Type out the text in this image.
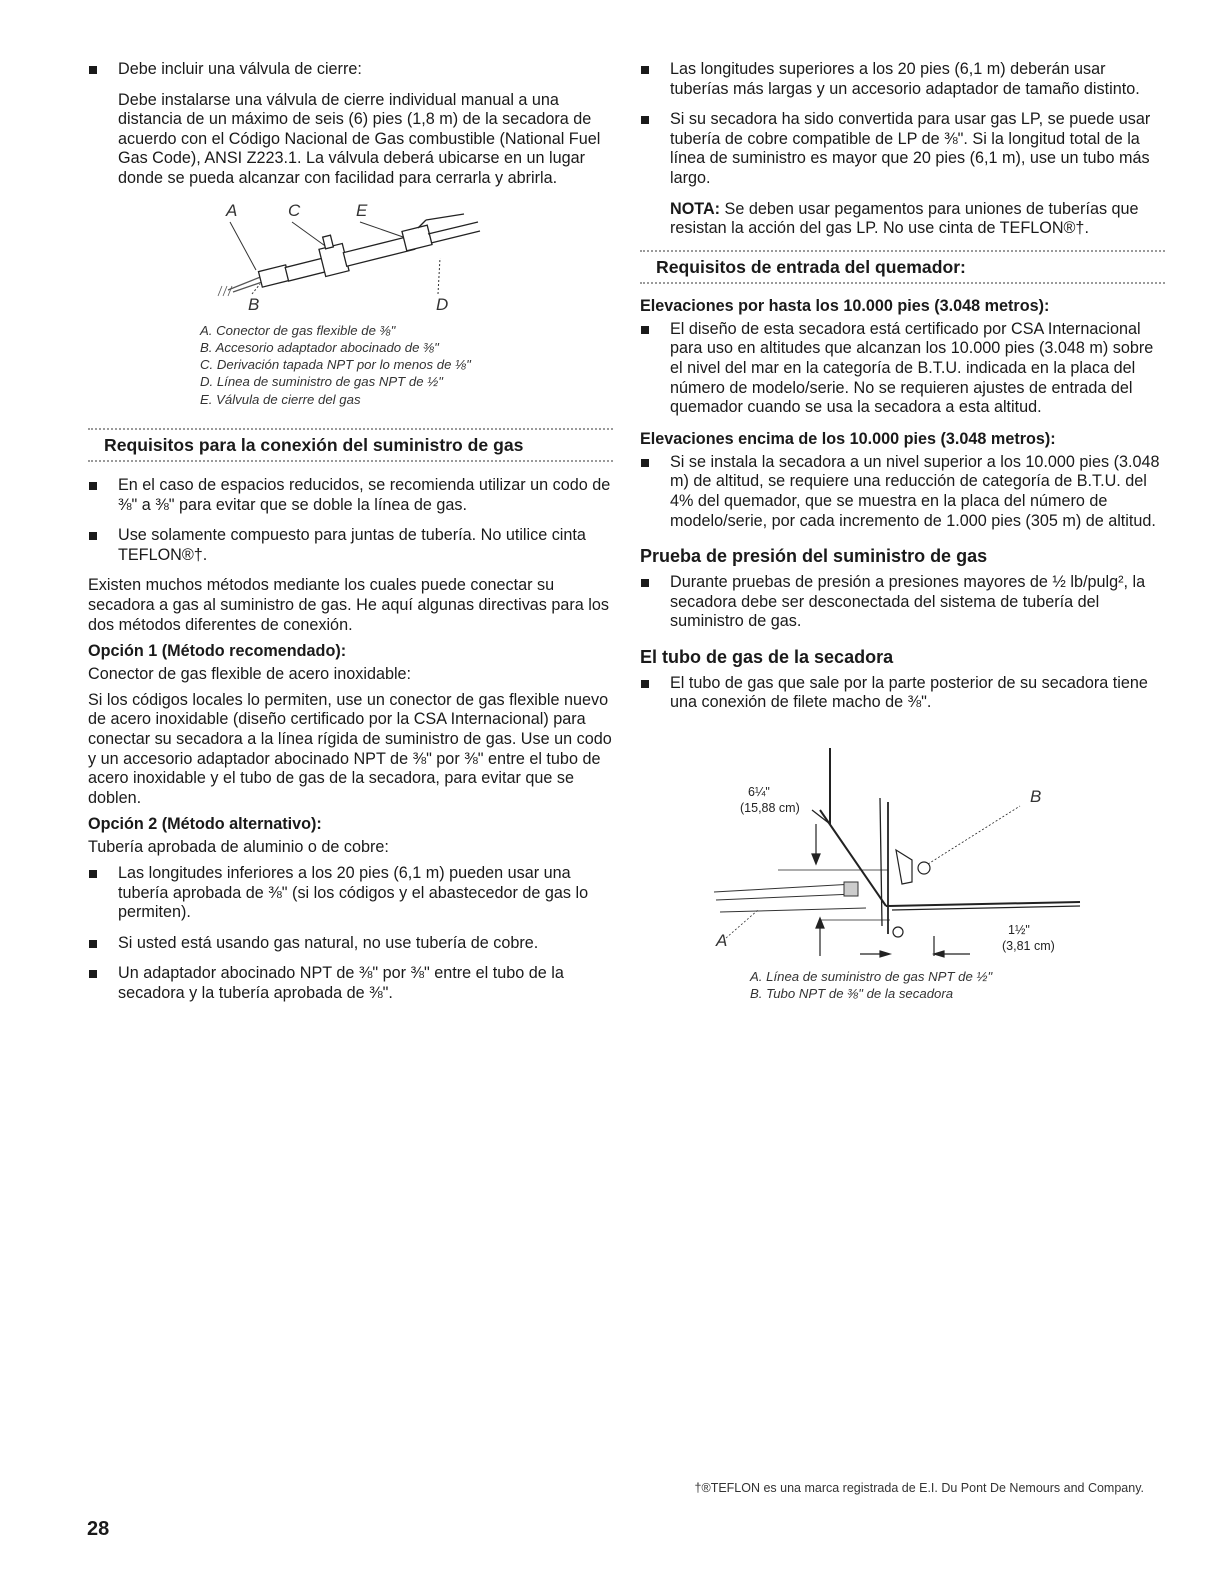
Debe incluir una válvula de cierre:

Debe instalarse una válvula de cierre individual manual a una distancia de un máximo de seis (6) pies (1,8 m) de la secadora de acuerdo con el Código Nacional de Gas combustible (National Fuel Gas Code), ANSI Z223.1. La válvula deberá ubicarse en un lugar donde se pueda alcanzar con facilidad para cerrarla y abrirla.

A	C	E
B	D
A. Conector de gas flexible de ⅜"
B. Accesorio adaptador abocinado de ⅜"
C. Derivación tapada NPT por lo menos de ⅛"
D. Línea de suministro de gas NPT de ½"
E. Válvula de cierre del gas
Requisitos para la conexión del suministro de gas

En el caso de espacios reducidos, se recomienda utilizar un codo de ⅜" a ⅜" para evitar que se doble la línea de gas.

Use solamente compuesto para juntas de tubería. No utilice cinta TEFLON®†.

Existen muchos métodos mediante los cuales puede conectar su secadora a gas al suministro de gas. He aquí algunas directivas para los dos métodos diferentes de conexión.

Opción 1 (Método recomendado):

Conector de gas flexible de acero inoxidable:

Si los códigos locales lo permiten, use un conector de gas flexible nuevo de acero inoxidable (diseño certificado por la CSA Internacional) para conectar su secadora a la línea rígida de suministro de gas. Use un codo y un accesorio adaptador abocinado NPT de ⅜" por ⅜" entre el tubo de acero inoxidable y el tubo de gas de la secadora, para evitar que se doblen.

Opción 2 (Método alternativo):

Tubería aprobada de aluminio o de cobre:

Las longitudes inferiores a los 20 pies (6,1 m) pueden usar una tubería aprobada de ⅜" (si los códigos y el abastecedor de gas lo permiten).

Si usted está usando gas natural, no use tubería de cobre.

Un adaptador abocinado NPT de ⅜" por ⅜" entre el tubo de la secadora y la tubería aprobada de ⅜".

Las longitudes superiores a los 20 pies (6,1 m) deberán usar tuberías más largas y un accesorio adaptador de tamaño distinto.

Si su secadora ha sido convertida para usar gas LP, se puede usar tubería de cobre compatible de LP de ⅜". Si la longitud total de la línea de suministro es mayor que 20 pies (6,1 m), use un tubo más largo.

NOTA: Se deben usar pegamentos para uniones de tuberías que resistan la acción del gas LP. No use cinta de TEFLON®†.

Requisitos de entrada del quemador:
Elevaciones por hasta los 10.000 pies (3.048 metros):

El diseño de esta secadora está certificado por CSA Internacional para uso en altitudes que alcanzan los 10.000 pies (3.048 m) sobre el nivel del mar en la categoría de B.T.U. indicada en la placa del número de modelo/serie. No se requieren ajustes de entrada del quemador cuando se usa la secadora a esta altitud.

Elevaciones encima de los 10.000 pies (3.048 metros):

Si se instala la secadora a un nivel superior a los 10.000 pies (3.048 m) de altitud, se requiere una reducción de categoría de B.T.U. del 4% del quemador, que se muestra en la placa del número de modelo/serie, por cada incremento de 1.000 pies (305 m) de altitud.

Prueba de presión del suministro de gas

Durante pruebas de presión a presiones mayores de ½ lb/pulg², la secadora debe ser desconectada del sistema de tubería del suministro de gas.

El tubo de gas de la secadora

El tubo de gas que sale por la parte posterior de su secadora tiene una conexión de filete macho de ⅜".

6¼"
(15,88 cm)
B
A
1½"
(3,81 cm)
A. Línea de suministro de gas NPT de ½"
B. Tubo NPT de ⅜" de la secadora
†®TEFLON es una marca registrada de E.I. Du Pont De Nemours and Company.
28
